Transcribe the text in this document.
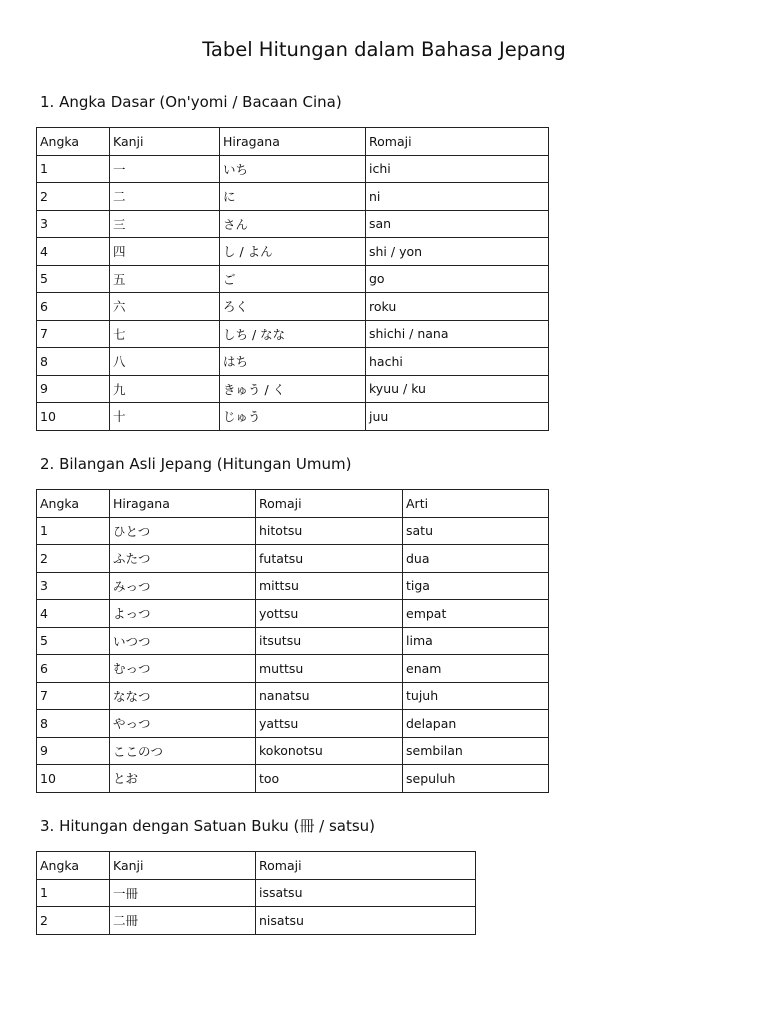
Tabel Hitungan dalam Bahasa Jepang
1. Angka Dasar (On'yomi / Bacaan Cina)
Angka	Kanji	Hiragana	Romaji
1	一	いち	ichi
2	二	に	ni
3	三	さん	san
4	四	し / よん	shi / yon
5	五	ご	go
6	六	ろく	roku
7	七	しち / なな	shichi / nana
8	八	はち	hachi
9	九	きゅう / く	kyuu / ku
10	十	じゅう	juu
2. Bilangan Asli Jepang (Hitungan Umum)
Angka	Hiragana	Romaji	Arti
1	ひとつ	hitotsu	satu
2	ふたつ	futatsu	dua
3	みっつ	mittsu	tiga
4	よっつ	yottsu	empat
5	いつつ	itsutsu	lima
6	むっつ	muttsu	enam
7	ななつ	nanatsu	tujuh
8	やっつ	yattsu	delapan
9	ここのつ	kokonotsu	sembilan
10	とお	too	sepuluh
3. Hitungan dengan Satuan Buku (冊 / satsu)
Angka	Kanji	Romaji
1	一冊	issatsu
2	二冊	nisatsu
